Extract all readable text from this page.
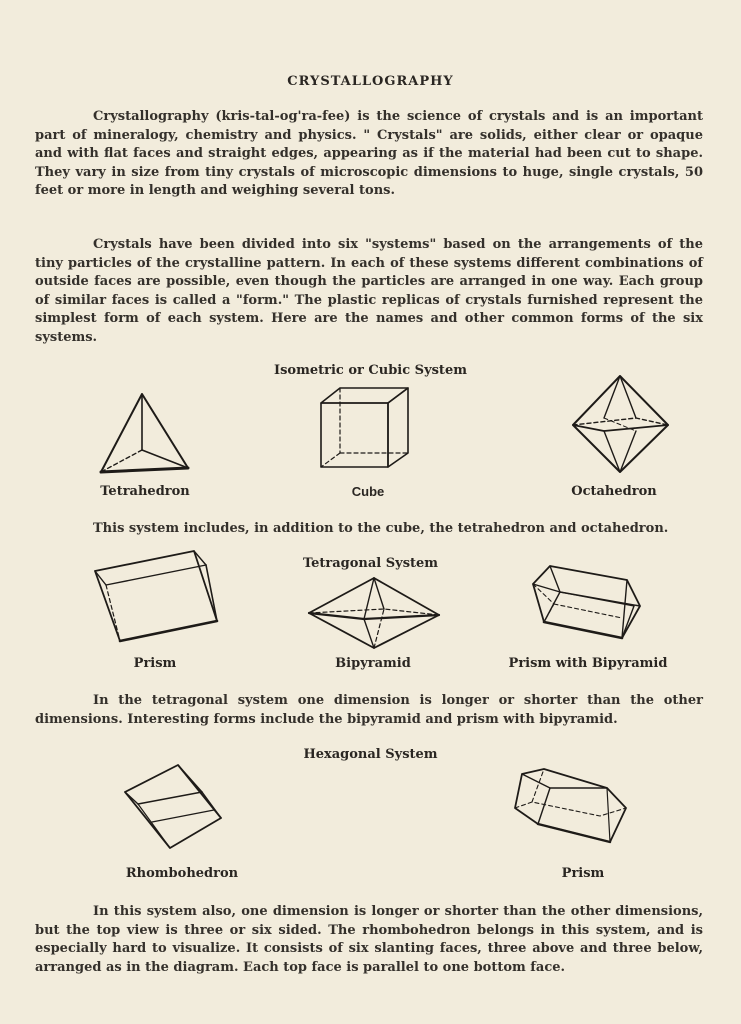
CRYSTALLOGRAPHY
Crystallography (kris-tal-og'ra-fee) is the science of crystals and is an important part of mineralogy, chemistry and physics. " Crystals" are solids, either clear or opaque and with flat faces and straight edges, appearing as if the material had been cut to shape. They vary in size from tiny crystals of microscopic dimensions to huge, single crystals, 50 feet or more in length and weighing several tons.
Crystals have been divided into six "systems" based on the arrangements of the tiny particles of the crystalline pattern. In each of these systems different combinations of outside faces are possible, even though the particles are arranged in one way. Each group of similar faces is called a "form." The plastic replicas of crystals furnished represent the simplest form of each system. Here are the names and other common forms of the six systems.
Isometric or Cubic System
Tetrahedron	Cube	Octahedron
This system includes, in addition to the cube, the tetrahedron and octahedron.
Tetragonal System
Prism	Bipyramid	Prism with Bipyramid
In the tetragonal system one dimension is longer or shorter than the other dimensions. Interesting forms include the bipyramid and prism with bipyramid.
Hexagonal System
Rhombohedron	Prism
In this system also, one dimension is longer or shorter than the other dimensions, but the top view is three or six sided. The rhombohedron belongs in this system, and is especially hard to visualize. It consists of six slanting faces, three above and three below, arranged as in the diagram. Each top face is parallel to one bottom face.
